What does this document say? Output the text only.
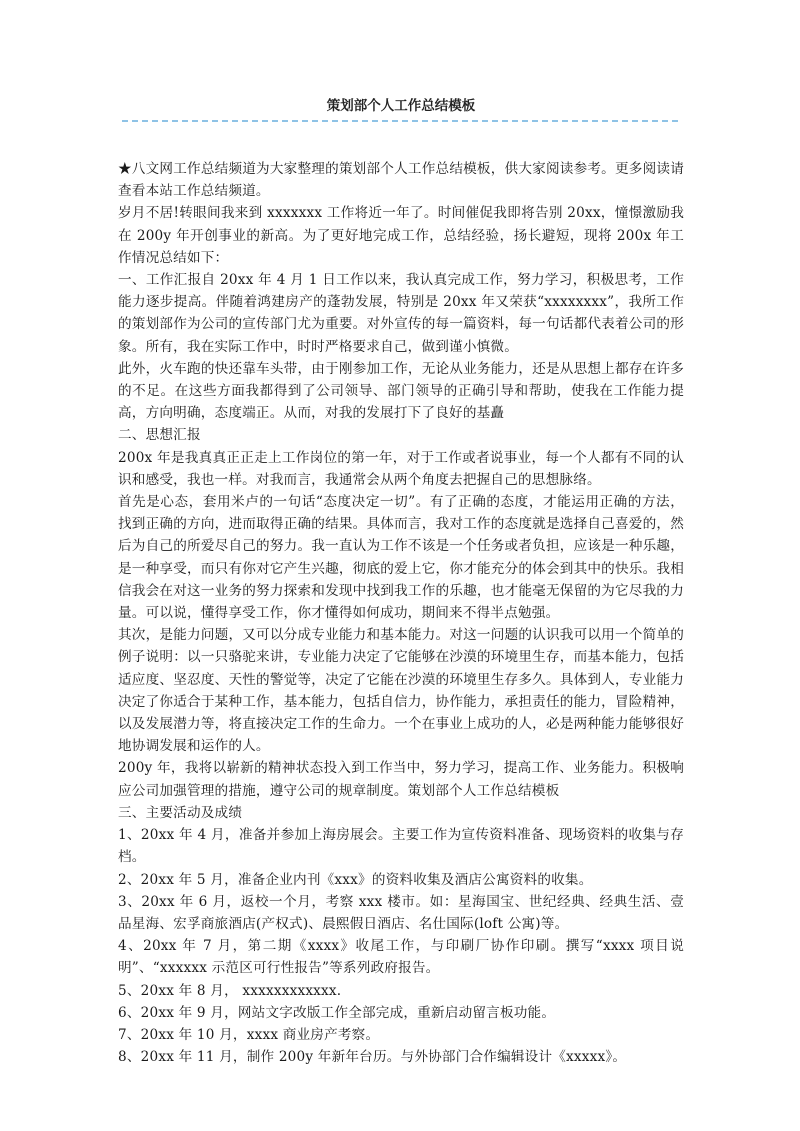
策划部个人工作总结模板

★八文网工作总结频道为大家整理的策划部个人工作总结模板，供大家阅读参考。更多阅读请查看本站工作总结频道。

岁月不居!转眼间我来到 xxxxxxx 工作将近一年了。时间催促我即将告别 20xx，憧憬激励我在 200y 年开创事业的新高。为了更好地完成工作，总结经验，扬长避短，现将 200x 年工作情况总结如下：

一、工作汇报自 20xx 年 4 月 1 日工作以来，我认真完成工作，努力学习，积极思考，工作能力逐步提高。伴随着鸿建房产的蓬勃发展，特别是 20xx 年又荣获“xxxxxxxx”，我所工作的策划部作为公司的宣传部门尤为重要。对外宣传的每一篇资料，每一句话都代表着公司的形象。所有，我在实际工作中，时时严格要求自己，做到谨小慎微。

此外，火车跑的快还靠车头带，由于刚参加工作，无论从业务能力，还是从思想上都存在许多的不足。在这些方面我都得到了公司领导、部门领导的正确引导和帮助，使我在工作能力提高，方向明确，态度端正。从而，对我的发展打下了良好的基矗

二、思想汇报

200x 年是我真真正正走上工作岗位的第一年，对于工作或者说事业，每一个人都有不同的认识和感受，我也一样。对我而言，我通常会从两个角度去把握自己的思想脉络。

首先是心态，套用米卢的一句话“态度决定一切”。有了正确的态度，才能运用正确的方法，找到正确的方向，进而取得正确的结果。具体而言，我对工作的态度就是选择自己喜爱的，然后为自己的所爱尽自己的努力。我一直认为工作不该是一个任务或者负担，应该是一种乐趣，是一种享受，而只有你对它产生兴趣，彻底的爱上它，你才能充分的体会到其中的快乐。我相信我会在对这一业务的努力探索和发现中找到我工作的乐趣，也才能毫无保留的为它尽我的力量。可以说，懂得享受工作，你才懂得如何成功，期间来不得半点勉强。

其次，是能力问题，又可以分成专业能力和基本能力。对这一问题的认识我可以用一个简单的例子说明：以一只骆驼来讲，专业能力决定了它能够在沙漠的环境里生存，而基本能力，包括适应度、坚忍度、天性的警觉等，决定了它能在沙漠的环境里生存多久。具体到人，专业能力决定了你适合于某种工作，基本能力，包括自信力，协作能力，承担责任的能力，冒险精神，以及发展潜力等，将直接决定工作的生命力。一个在事业上成功的人，必是两种能力能够很好地协调发展和运作的人。

200y 年，我将以崭新的精神状态投入到工作当中，努力学习，提高工作、业务能力。积极响应公司加强管理的措施，遵守公司的规章制度。策划部个人工作总结模板

三、主要活动及成绩

1、20xx 年 4 月，准备并参加上海房展会。主要工作为宣传资料准备、现场资料的收集与存档。

2、20xx 年 5 月，准备企业内刊《xxx》的资料收集及酒店公寓资料的收集。

3、20xx 年 6 月，返校一个月，考察 xxx 楼市。如：星海国宝、世纪经典、经典生活、壹品星海、宏孚商旅酒店(产权式)、晨熙假日酒店、名仕国际(loft 公寓)等。

4、20xx 年 7 月，第二期《xxxx》收尾工作，与印刷厂协作印刷。撰写“xxxx 项目说明”、“xxxxxx 示范区可行性报告”等系列政府报告。

5、20xx 年 8 月， xxxxxxxxxxxx.

6、20xx 年 9 月，网站文字改版工作全部完成，重新启动留言板功能。

7、20xx 年 10 月，xxxx 商业房产考察。

8、20xx 年 11 月，制作 200y 年新年台历。与外协部门合作编辑设计《xxxxx》。
